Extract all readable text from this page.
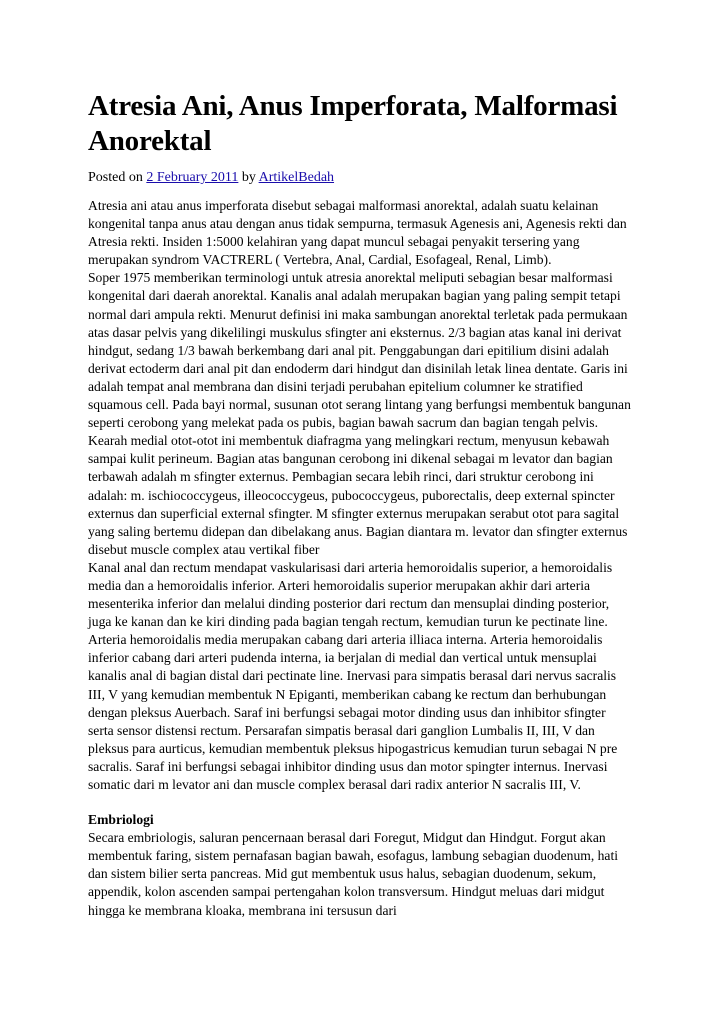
Atresia Ani, Anus Imperforata, Malformasi Anorektal
Posted on 2 February 2011 by ArtikelBedah

Atresia ani atau anus imperforata disebut sebagai malformasi anorektal, adalah suatu kelainan kongenital tanpa anus atau dengan anus tidak sempurna, termasuk Agenesis ani, Agenesis rekti dan Atresia rekti. Insiden 1:5000 kelahiran yang dapat muncul sebagai penyakit tersering yang merupakan syndrom VACTRERL ( Vertebra, Anal, Cardial, Esofageal, Renal, Limb).

Soper 1975 memberikan terminologi untuk atresia anorektal meliputi sebagian besar malformasi kongenital dari daerah anorektal. Kanalis anal adalah merupakan bagian yang paling sempit tetapi normal dari ampula rekti. Menurut definisi ini maka sambungan anorektal terletak pada permukaan atas dasar pelvis yang dikelilingi muskulus sfingter ani eksternus. 2/3 bagian atas kanal ini derivat hindgut, sedang 1/3 bawah berkembang dari anal pit. Penggabungan dari epitilium disini adalah derivat ectoderm dari anal pit dan endoderm dari hindgut dan disinilah letak linea dentate. Garis ini adalah tempat anal membrana dan disini terjadi perubahan epitelium columner ke stratified squamous cell. Pada bayi normal, susunan otot serang lintang yang berfungsi membentuk bangunan seperti cerobong yang melekat pada os pubis, bagian bawah sacrum dan bagian tengah pelvis. Kearah medial otot-otot ini membentuk diafragma yang melingkari rectum, menyusun kebawah sampai kulit perineum. Bagian atas bangunan cerobong ini dikenal sebagai m levator dan bagian terbawah adalah m sfingter externus. Pembagian secara lebih rinci, dari struktur cerobong ini adalah: m. ischiococcygeus, illeococcygeus, pubococcygeus, puborectalis, deep external spincter externus dan superficial external sfingter. M sfingter externus merupakan serabut otot para sagital yang saling bertemu didepan dan dibelakang anus. Bagian diantara m. levator dan sfingter externus disebut muscle complex atau vertikal fiber

Kanal anal dan rectum mendapat vaskularisasi dari arteria hemoroidalis superior, a hemoroidalis media dan a hemoroidalis inferior. Arteri hemoroidalis superior merupakan akhir dari arteria mesenterika inferior dan melalui dinding posterior dari rectum dan mensuplai dinding posterior, juga ke kanan dan ke kiri dinding pada bagian tengah rectum, kemudian turun ke pectinate line. Arteria hemoroidalis media merupakan cabang dari arteria illiaca interna. Arteria hemoroidalis inferior cabang dari arteri pudenda interna, ia berjalan di medial dan vertical untuk mensuplai kanalis anal di bagian distal dari pectinate line. Inervasi para simpatis berasal dari nervus sacralis III, V yang kemudian membentuk N Epiganti, memberikan cabang ke rectum dan berhubungan dengan pleksus Auerbach. Saraf ini berfungsi sebagai motor dinding usus dan inhibitor sfingter serta sensor distensi rectum. Persarafan simpatis berasal dari ganglion Lumbalis II, III, V dan pleksus para aurticus, kemudian membentuk pleksus hipogastricus kemudian turun sebagai N pre sacralis. Saraf ini berfungsi sebagai inhibitor dinding usus dan motor spingter internus. Inervasi somatic dari m levator ani dan muscle complex berasal dari radix anterior N sacralis III, V.

Embriologi

Secara embriologis, saluran pencernaan berasal dari Foregut, Midgut dan Hindgut. Forgut akan membentuk faring, sistem pernafasan bagian bawah, esofagus, lambung sebagian duodenum, hati dan sistem bilier serta pancreas. Mid gut membentuk usus halus, sebagian duodenum, sekum, appendik, kolon ascenden sampai pertengahan kolon transversum. Hindgut meluas dari midgut hingga ke membrana kloaka, membrana ini tersusun dari
